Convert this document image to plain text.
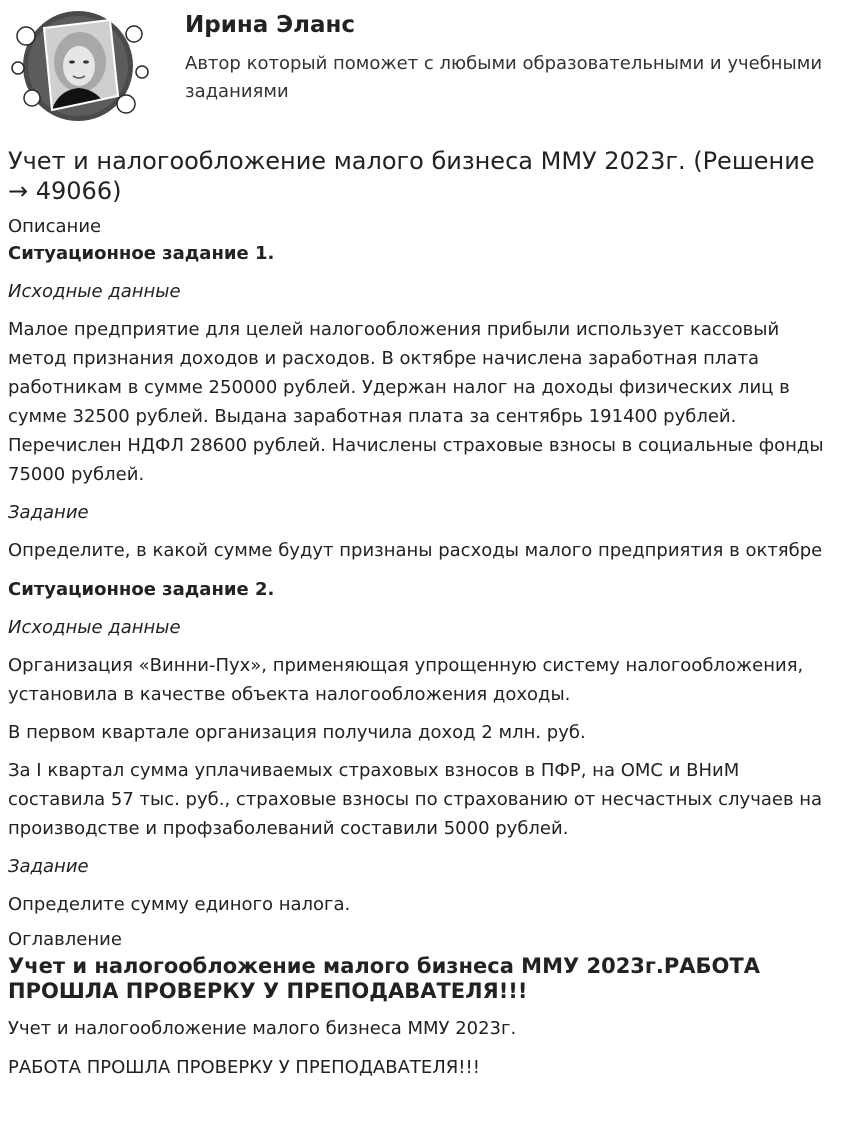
Ирина Эланс
Автор который поможет с любыми образовательными и учебными заданиями
Учет и налогообложение малого бизнеса ММУ 2023г. (Решение → 49066)
Описание

Ситуационное задание 1.

Исходные данные

Малое предприятие для целей налогообложения прибыли использует кассовый метод признания доходов и расходов. В октябре начислена заработная плата работникам в сумме 250000 рублей. Удержан налог на доходы физических лиц в сумме 32500 рублей. Выдана заработная плата за сентябрь 191400 рублей. Перечислен НДФЛ 28600 рублей. Начислены страховые взносы в социальные фонды 75000 рублей.

Задание

Определите, в какой сумме будут признаны расходы малого предприятия в октябре

Ситуационное задание 2.

Исходные данные

Организация «Винни-Пух», применяющая упрощенную систему налогообложения, установила в качестве объекта налогообложения доходы.

В первом квартале организация получила доход 2 млн. руб.

За I квартал сумма уплачиваемых страховых взносов в ПФР, на ОМС и ВНиМ составила 57 тыс. руб., страховые взносы по страхованию от несчастных случаев на производстве и профзаболеваний составили 5000 рублей.

Задание

Определите сумму единого налога.

Оглавление
Учет и налогообложение малого бизнеса ММУ 2023г.РАБОТА ПРОШЛА ПРОВЕРКУ У ПРЕПОДАВАТЕЛЯ!!!

Учет и налогообложение малого бизнеса ММУ 2023г.

РАБОТА ПРОШЛА ПРОВЕРКУ У ПРЕПОДАВАТЕЛЯ!!!
